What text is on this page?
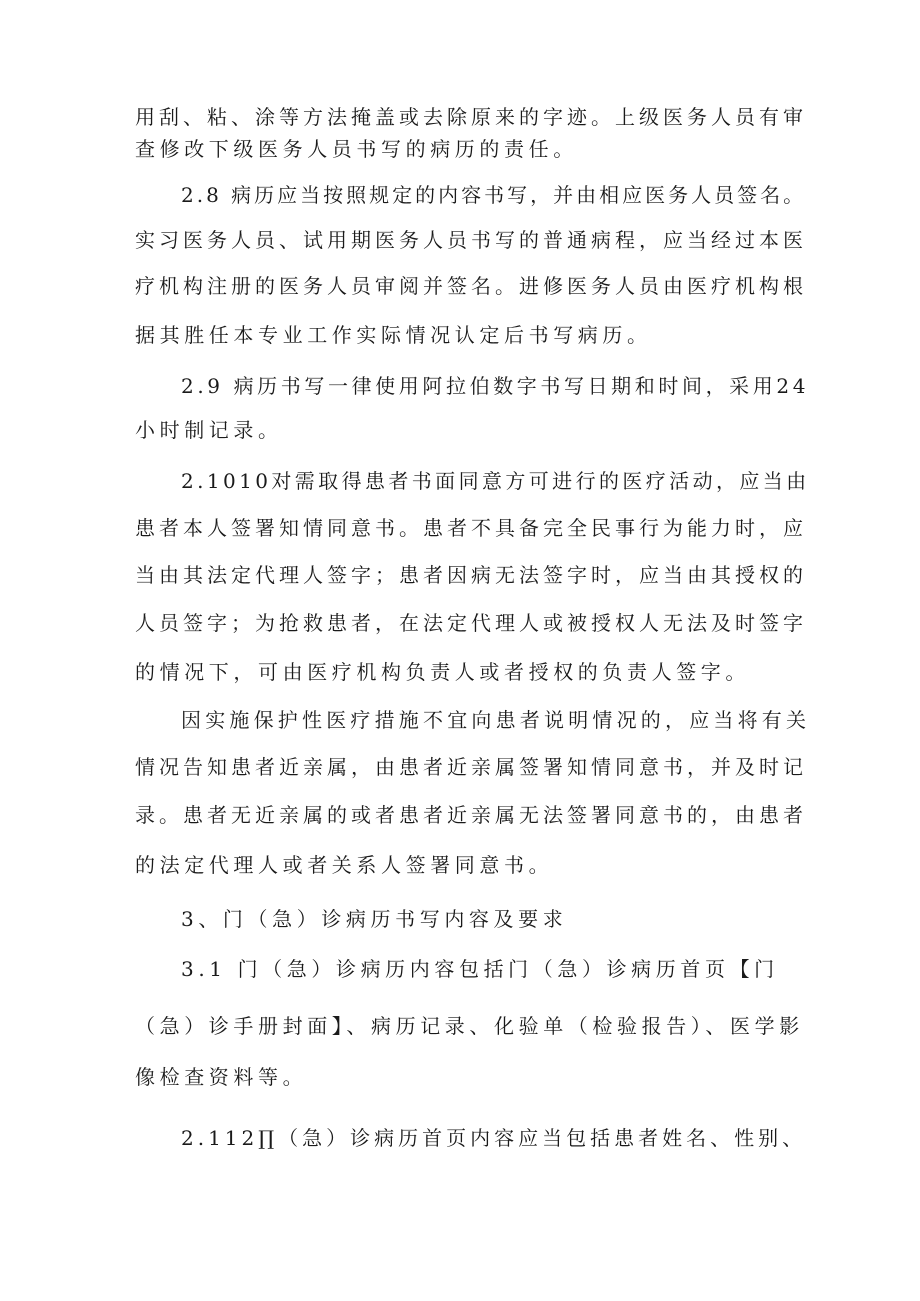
用刮、粘、涂等方法掩盖或去除原来的字迹。上级医务人员有审
查修改下级医务人员书写的病历的责任。
2.8 病历应当按照规定的内容书写，并由相应医务人员签名。
实习医务人员、试用期医务人员书写的普通病程，应当经过本医
疗机构注册的医务人员审阅并签名。进修医务人员由医疗机构根
据其胜任本专业工作实际情况认定后书写病历。
2.9 病历书写一律使用阿拉伯数字书写日期和时间，采用24
小时制记录。
2.1010对需取得患者书面同意方可进行的医疗活动，应当由
患者本人签署知情同意书。患者不具备完全民事行为能力时，应
当由其法定代理人签字；患者因病无法签字时，应当由其授权的
人员签字；为抢救患者，在法定代理人或被授权人无法及时签字
的情况下，可由医疗机构负责人或者授权的负责人签字。
因实施保护性医疗措施不宜向患者说明情况的，应当将有关
情况告知患者近亲属，由患者近亲属签署知情同意书，并及时记
录。患者无近亲属的或者患者近亲属无法签署同意书的，由患者
的法定代理人或者关系人签署同意书。
3、门（急）诊病历书写内容及要求
3.1 门（急）诊病历内容包括门（急）诊病历首页【门
（急）诊手册封面】、病历记录、化验单（检验报告）、医学影
像检查资料等。
2.112∏（急）诊病历首页内容应当包括患者姓名、性别、
